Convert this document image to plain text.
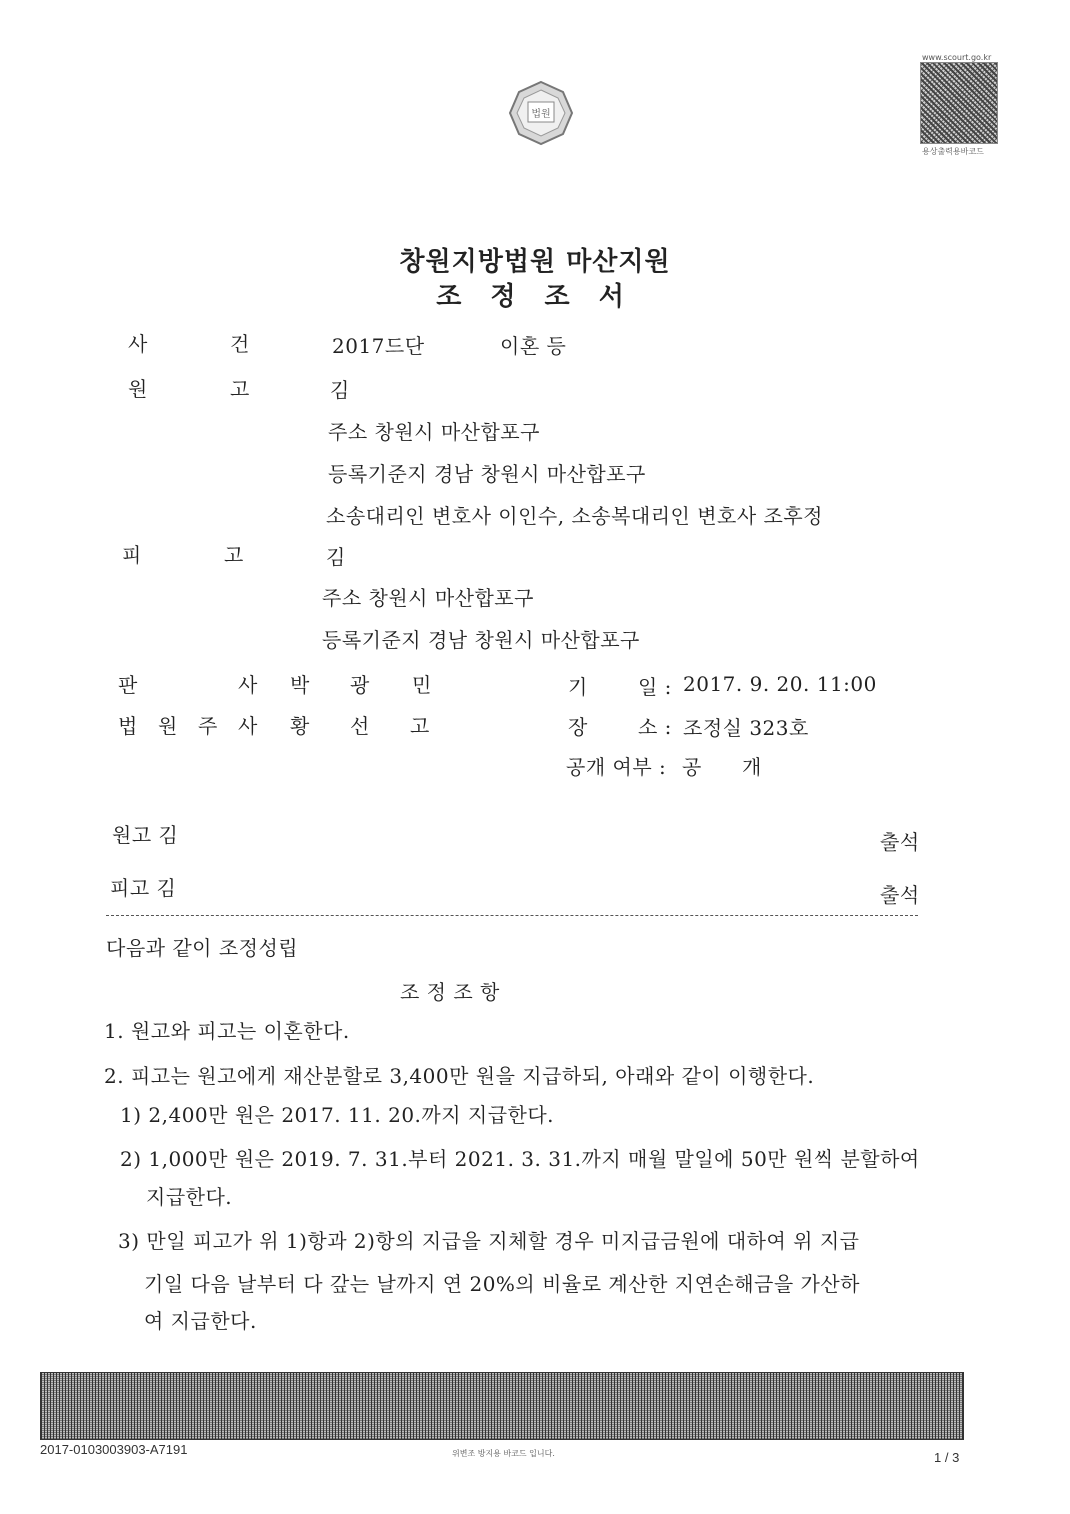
법원
www.scourt.go.kr
용상출력용바코드
창원지방법원 마산지원
조 정 조 서
사	건	2017드단	이혼 등
원	고	김
주소 창원시 마산합포구
등록기준지 경남 창원시 마산합포구
소송대리인 변호사 이인수, 소송복대리인 변호사 조후정
피	고	김
주소 창원시 마산합포구
등록기준지 경남 창원시 마산합포구
판	사 박 광 민
법 원 주 사 황 선 고
기	일 : 2017. 9. 20. 11:00
장	소 : 조정실 323호
공개 여부 : 공 개
원고 김	출석
피고 김	출석
다음과 같이 조정성립
조 정 조 항
1. 원고와 피고는 이혼한다.
2. 피고는 원고에게 재산분할로 3,400만 원을 지급하되, 아래와 같이 이행한다.
1) 2,400만 원은 2017. 11. 20.까지 지급한다.
2) 1,000만 원은 2019. 7. 31.부터 2021. 3. 31.까지 매월 말일에 50만 원씩 분할하여
지급한다.
3) 만일 피고가 위 1)항과 2)항의 지급을 지체할 경우 미지급금원에 대하여 위 지급
기일 다음 날부터 다 갚는 날까지 연 20%의 비율로 계산한 지연손해금을 가산하
여 지급한다.
2017-0103003903-A7191	위변조 방지용 바코드 입니다.	1 / 3
